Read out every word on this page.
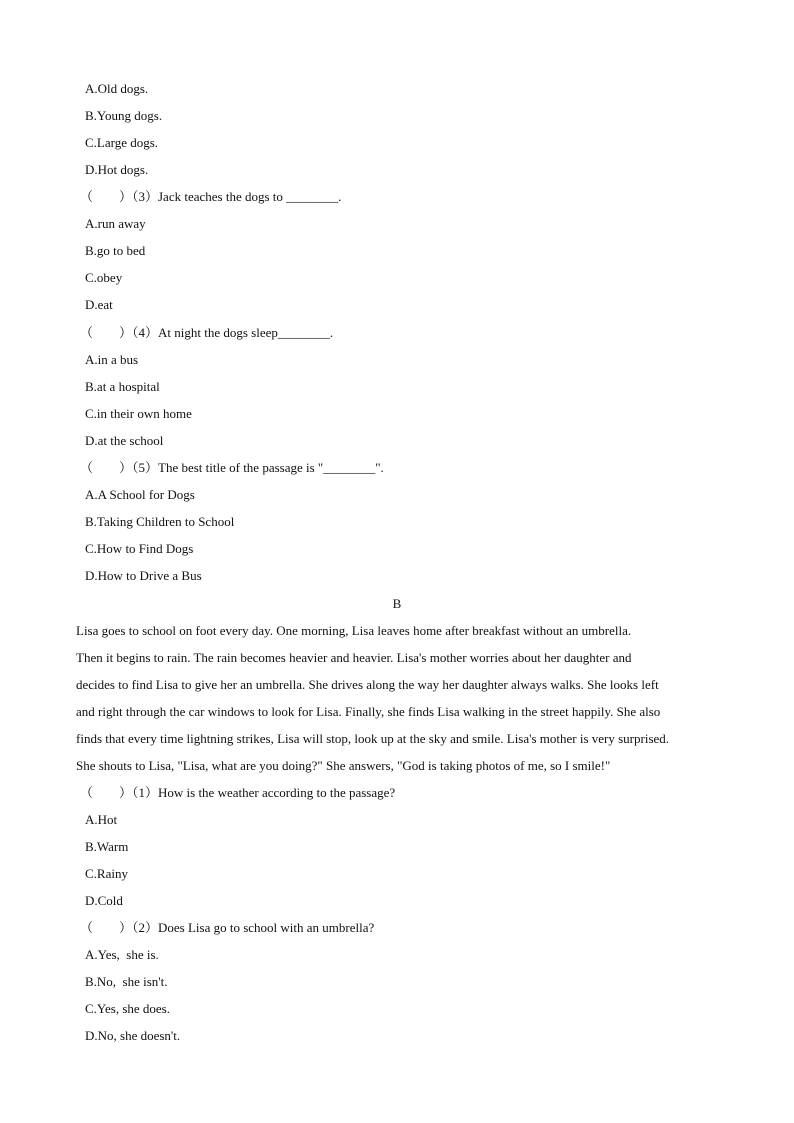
A.Old dogs.
B.Young dogs.
C.Large dogs.
D.Hot dogs.
（        ）（3）Jack teaches the dogs to ________.
A.run away
B.go to bed
C.obey
D.eat
（        ）（4）At night the dogs sleep________.
A.in a bus
B.at a hospital
C.in their own home
D.at the school
（        ）（5）The best title of the passage is "________".
A.A School for Dogs
B.Taking Children to School
C.How to Find Dogs
D.How to Drive a Bus
B
Lisa goes to school on foot every day. One morning, Lisa leaves home after breakfast without an umbrella.
Then it begins to rain. The rain becomes heavier and heavier. Lisa's mother worries about her daughter and
decides to find Lisa to give her an umbrella. She drives along the way her daughter always walks. She looks left
and right through the car windows to look for Lisa. Finally, she finds Lisa walking in the street happily. She also
finds that every time lightning strikes, Lisa will stop, look up at the sky and smile. Lisa's mother is very surprised.
She shouts to Lisa, "Lisa, what are you doing?" She answers, "God is taking photos of me, so I smile!"
（        ）（1）How is the weather according to the passage?
A.Hot
B.Warm
C.Rainy
D.Cold
（        ）（2）Does Lisa go to school with an umbrella?
A.Yes,  she is.
B.No,  she isn't.
C.Yes, she does.
D.No, she doesn't.
